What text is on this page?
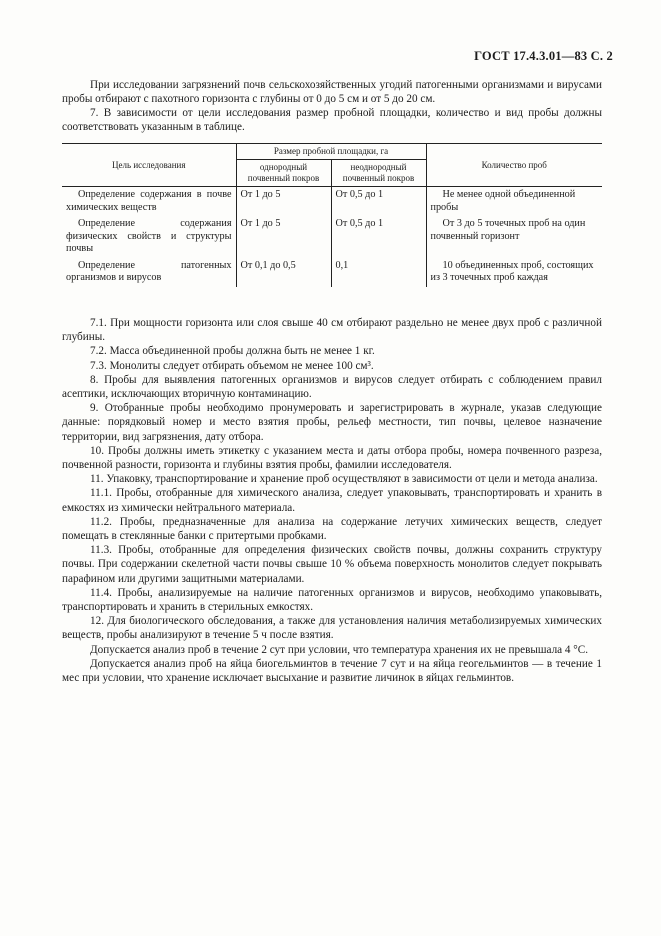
ГОСТ 17.4.3.01—83 С. 2

При исследовании загрязнений почв сельскохозяйственных угодий патогенными организмами и вирусами пробы отбирают с пахотного горизонта с глубины от 0 до 5 см и от 5 до 20 см.

7. В зависимости от цели исследования размер пробной площадки, количество и вид пробы должны соответствовать указанным в таблице.

Цель исследования	Размер пробной площадки, га		Количество проб
	однородный почвенный покров	неоднородный почвенный покров	
Определение содержания в почве химических веществ	От 1 до 5	От 0,5 до 1	Не менее одной объединенной пробы
Определение содержания физических свойств и структуры почвы	От 1 до 5	От 0,5 до 1	От 3 до 5 точечных проб на один почвенный горизонт
Определение патогенных организмов и вирусов	От 0,1 до 0,5	0,1	10 объединенных проб, состоящих из 3 точечных проб каждая

7.1. При мощности горизонта или слоя свыше 40 см отбирают раздельно не менее двух проб с различной глубины.

7.2. Масса объединенной пробы должна быть не менее 1 кг.

7.3. Монолиты следует отбирать объемом не менее 100 см³.

8. Пробы для выявления патогенных организмов и вирусов следует отбирать с соблюдением правил асептики, исключающих вторичную контаминацию.

9. Отобранные пробы необходимо пронумеровать и зарегистрировать в журнале, указав следующие данные: порядковый номер и место взятия пробы, рельеф местности, тип почвы, целевое назначение территории, вид загрязнения, дату отбора.

10. Пробы должны иметь этикетку с указанием места и даты отбора пробы, номера почвенного разреза, почвенной разности, горизонта и глубины взятия пробы, фамилии исследователя.

11. Упаковку, транспортирование и хранение проб осуществляют в зависимости от цели и метода анализа.

11.1. Пробы, отобранные для химического анализа, следует упаковывать, транспортировать и хранить в емкостях из химически нейтрального материала.

11.2. Пробы, предназначенные для анализа на содержание летучих химических веществ, следует помещать в стеклянные банки с притертыми пробками.

11.3. Пробы, отобранные для определения физических свойств почвы, должны сохранить структуру почвы. При содержании скелетной части почвы свыше 10 % объема поверхность монолитов следует покрывать парафином или другими защитными материалами.

11.4. Пробы, анализируемые на наличие патогенных организмов и вирусов, необходимо упаковывать, транспортировать и хранить в стерильных емкостях.

12. Для биологического обследования, а также для установления наличия метаболизируемых химических веществ, пробы анализируют в течение 5 ч после взятия.

Допускается анализ проб в течение 2 сут при условии, что температура хранения их не превышала 4 °С.

Допускается анализ проб на яйца биогельминтов в течение 7 сут и на яйца геогельминтов — в течение 1 мес при условии, что хранение исключает высыхание и развитие личинок в яйцах гельминтов.
